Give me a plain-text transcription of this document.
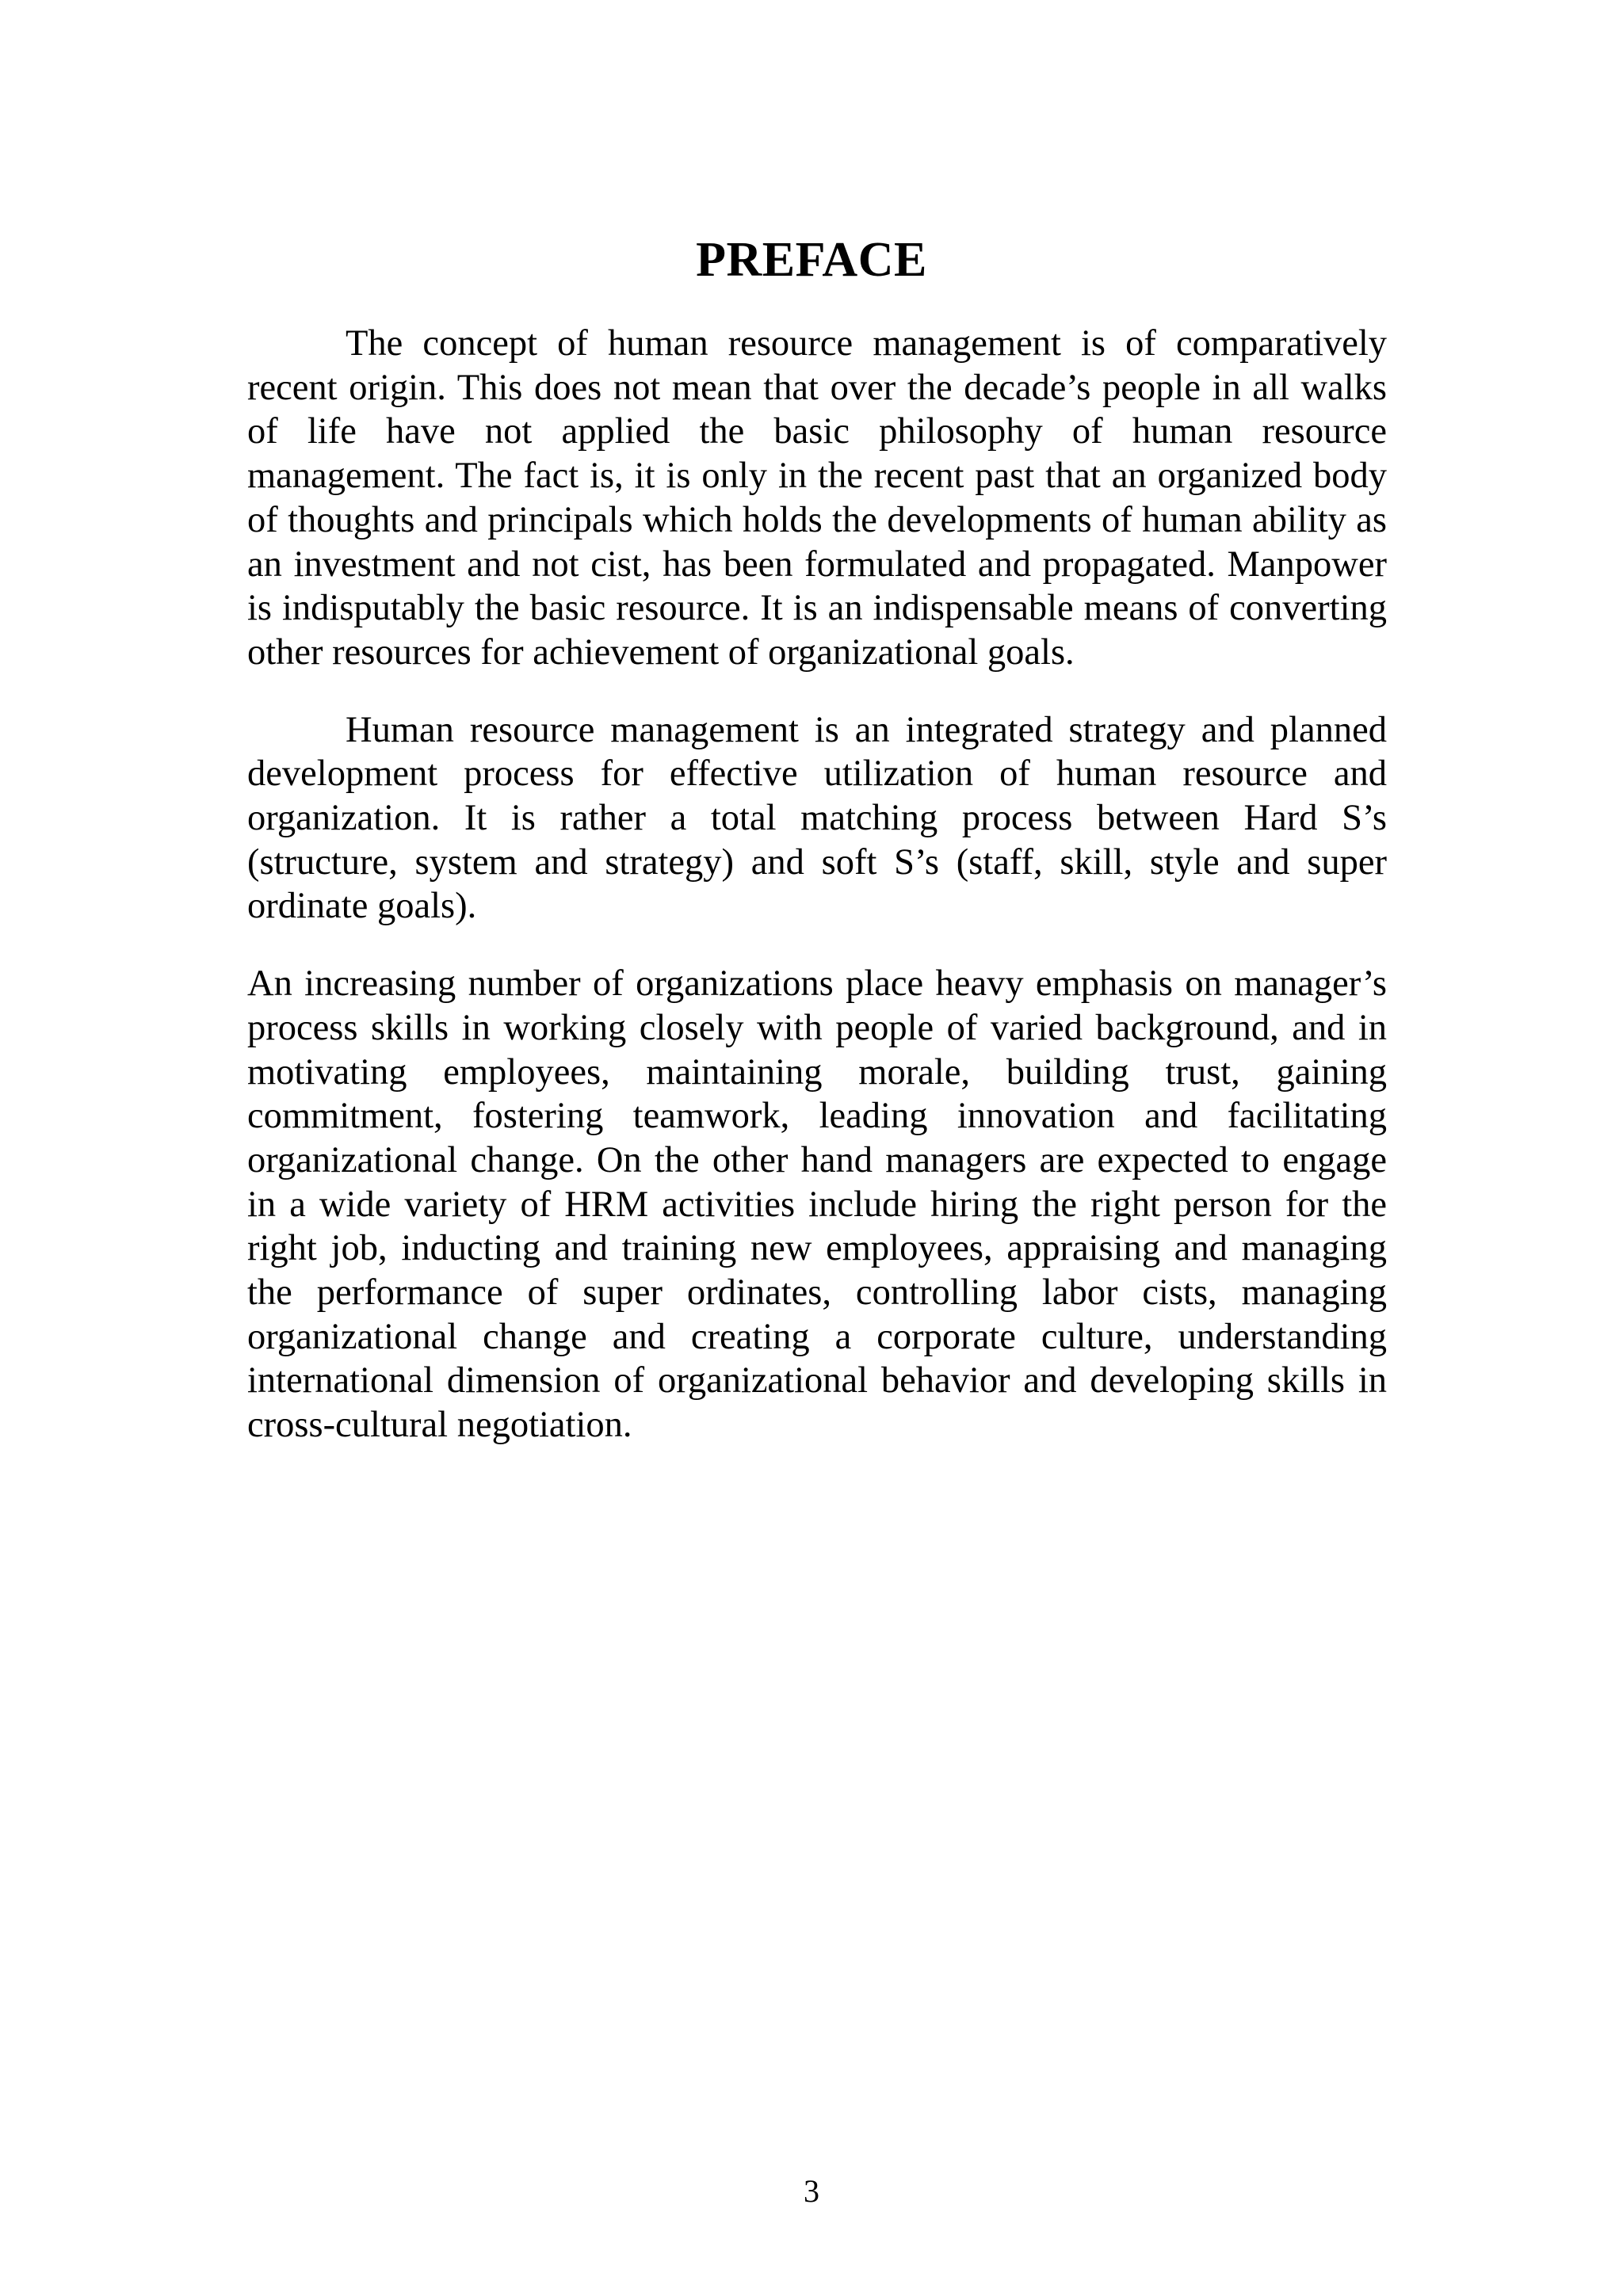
PREFACE

The concept of human resource management is of comparatively recent origin. This does not mean that over the decade’s people in all walks of life have not applied the basic philosophy of human resource management. The fact is, it is only in the recent past that an organized body of thoughts and principals which holds the developments of human ability as an investment and not cist, has been formulated and propagated. Manpower is indisputably the basic resource. It is an indispensable means of converting other resources for achievement of organizational goals.

Human resource management is an integrated strategy and planned development process for effective utilization of human resource and organization. It is rather a total matching process between Hard S’s (structure, system and strategy) and soft S’s (staff, skill, style and super ordinate goals).

An increasing number of organizations place heavy emphasis on manager’s process skills in working closely with people of varied background, and in motivating employees, maintaining morale, building trust, gaining commitment, fostering teamwork, leading innovation and facilitating organizational change. On the other hand managers are expected to engage in a wide variety of HRM activities include hiring the right person for the right job, inducting and training new employees, appraising and managing the performance of super ordinates, controlling labor cists, managing organizational change and creating a corporate culture, understanding international dimension of organizational behavior and developing skills in cross-cultural negotiation.

3
